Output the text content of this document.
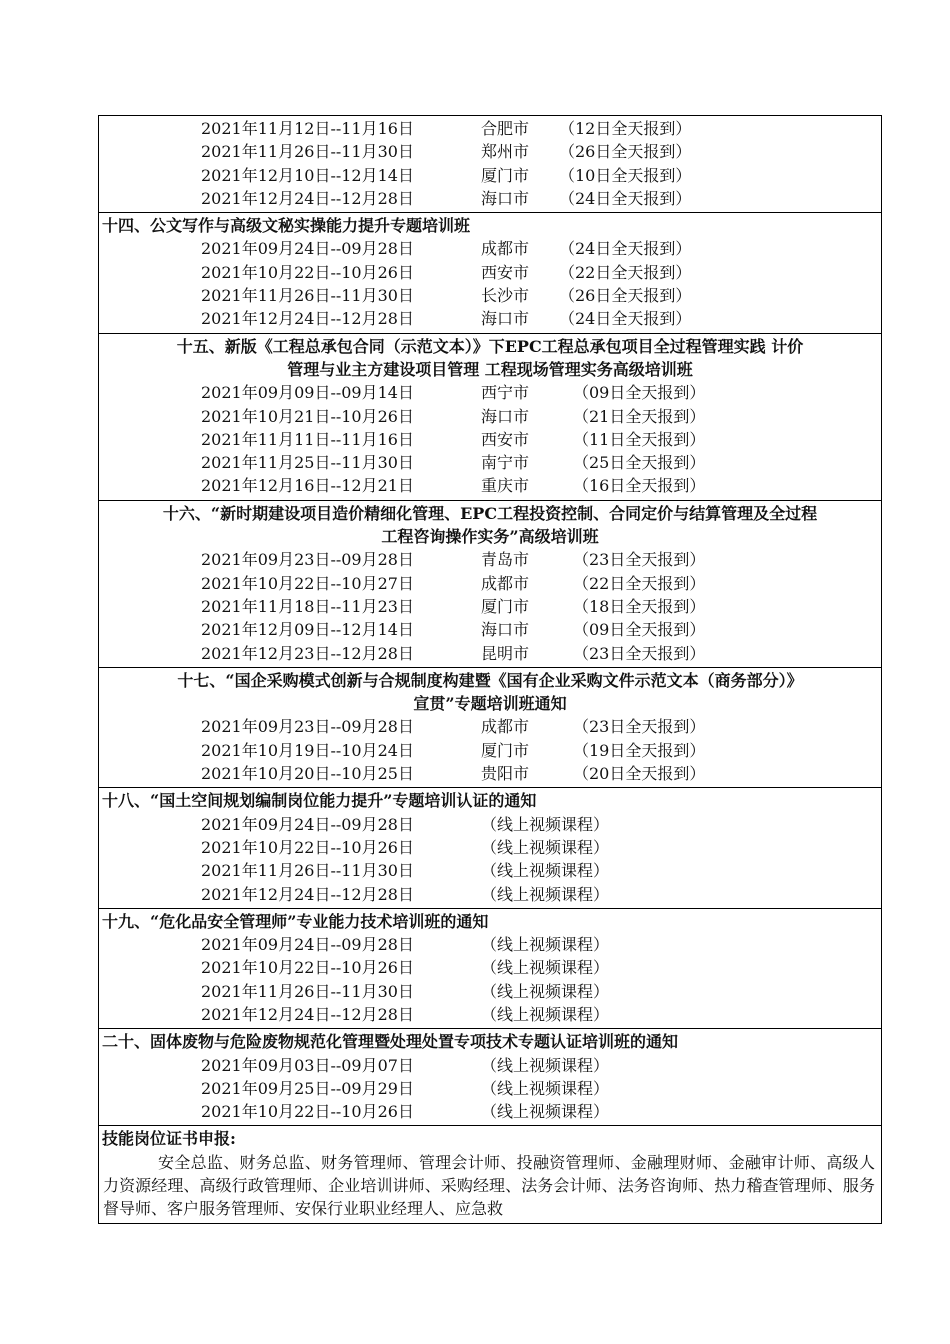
2021年11月12日--11月16日	合肥市 （12日全天报到）
2021年11月26日--11月30日	郑州市 （26日全天报到）
2021年12月10日--12月14日	厦门市 （10日全天报到）
2021年12月24日--12月28日	海口市 （24日全天报到）
十四、公文写作与高级文秘实操能力提升专题培训班
2021年09月24日--09月28日	成都市 （24日全天报到）
2021年10月22日--10月26日	西安市 （22日全天报到）
2021年11月26日--11月30日	长沙市 （26日全天报到）
2021年12月24日--12月28日	海口市 （24日全天报到）
十五、新版《工程总承包合同（示范文本）》下EPC工程总承包项目全过程管理实践 计价
管理与业主方建设项目管理 工程现场管理实务高级培训班
2021年09月09日--09月14日	西宁市	（09日全天报到）
2021年10月21日--10月26日	海口市	（21日全天报到）
2021年11月11日--11月16日	西安市	（11日全天报到）
2021年11月25日--11月30日	南宁市	（25日全天报到）
2021年12月16日--12月21日	重庆市	（16日全天报到）
十六、“新时期建设项目造价精细化管理、EPC工程投资控制、合同定价与结算管理及全过程
工程咨询操作实务”高级培训班
2021年09月23日--09月28日	青岛市	（23日全天报到）
2021年10月22日--10月27日	成都市	（22日全天报到）
2021年11月18日--11月23日	厦门市	（18日全天报到）
2021年12月09日--12月14日	海口市	（09日全天报到）
2021年12月23日--12月28日	昆明市	（23日全天报到）
十七、“国企采购模式创新与合规制度构建暨《国有企业采购文件示范文本（商务部分）》
宣贯”专题培训班通知
2021年09月23日--09月28日	成都市	（23日全天报到）
2021年10月19日--10月24日	厦门市	（19日全天报到）
2021年10月20日--10月25日	贵阳市	（20日全天报到）
十八、“国土空间规划编制岗位能力提升”专题培训认证的通知
2021年09月24日--09月28日	（线上视频课程）
2021年10月22日--10月26日	（线上视频课程）
2021年11月26日--11月30日	（线上视频课程）
2021年12月24日--12月28日	（线上视频课程）
十九、“危化品安全管理师”专业能力技术培训班的通知
2021年09月24日--09月28日	（线上视频课程）
2021年10月22日--10月26日	（线上视频课程）
2021年11月26日--11月30日	（线上视频课程）
2021年12月24日--12月28日	（线上视频课程）
二十、固体废物与危险废物规范化管理暨处理处置专项技术专题认证培训班的通知
2021年09月03日--09月07日	（线上视频课程）
2021年09月25日--09月29日	（线上视频课程）
2021年10月22日--10月26日	（线上视频课程）
技能岗位证书申报:
安全总监、财务总监、财务管理师、管理会计师、投融资管理师、金融理财师、金融审计师、高级人力资源经理、高级行政管理师、企业培训讲师、采购经理、法务会计师、法务咨询师、热力稽查管理师、服务督导师、客户服务管理师、安保行业职业经理人、应急救
